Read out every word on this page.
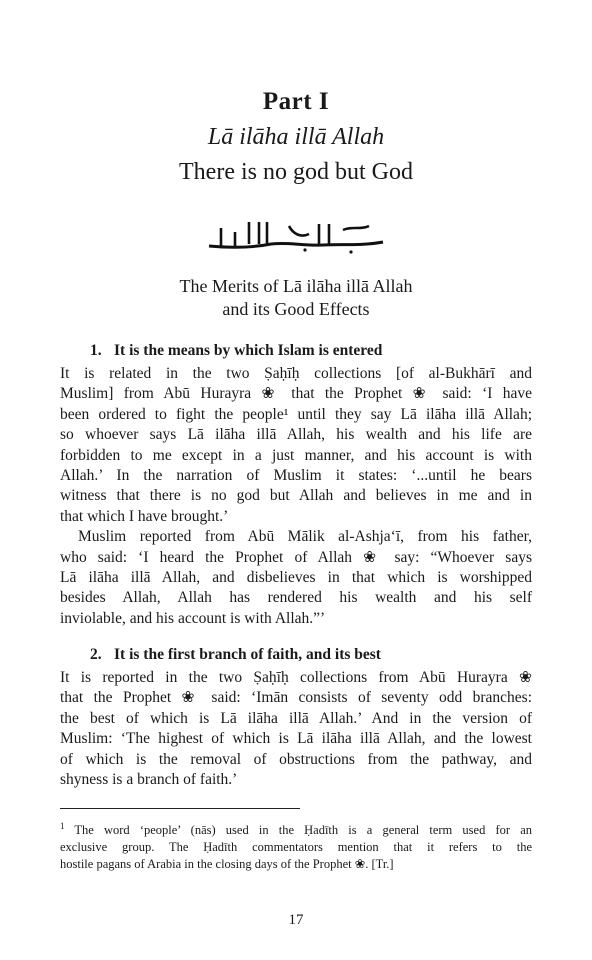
Part I
Lā ilāha illā Allah
There is no god but God
The Merits of Lā ilāha illā Allah
and its Good Effects
1. It is the means by which Islam is entered
It is related in the two Ṣaḥīḥ collections [of al-Bukhārī and
Muslim] from Abū Hurayra ❀ that the Prophet ❀ said: ‘I have
been ordered to fight the people¹ until they say Lā ilāha illā Allah;
so whoever says Lā ilāha illā Allah, his wealth and his life are
forbidden to me except in a just manner, and his account is with
Allah.’ In the narration of Muslim it states: ‘...until he bears
witness that there is no god but Allah and believes in me and in
that which I have brought.’
Muslim reported from Abū Mālik al-Ashja‘ī, from his father,
who said: ‘I heard the Prophet of Allah ❀ say: “Whoever says
Lā ilāha illā Allah, and disbelieves in that which is worshipped
besides Allah, Allah has rendered his wealth and his self
inviolable, and his account is with Allah.”’
2. It is the first branch of faith, and its best
It is reported in the two Ṣaḥīḥ collections from Abū Hurayra ❀
that the Prophet ❀ said: ‘Imān consists of seventy odd branches:
the best of which is Lā ilāha illā Allah.’ And in the version of
Muslim: ‘The highest of which is Lā ilāha illā Allah, and the lowest
of which is the removal of obstructions from the pathway, and
shyness is a branch of faith.’
$^1$ The word ‘people’ (nās) used in the Ḥadīth is a general term used for an
exclusive group. The Ḥadīth commentators mention that it refers to the
hostile pagans of Arabia in the closing days of the Prophet ❀. [Tr.]
17
